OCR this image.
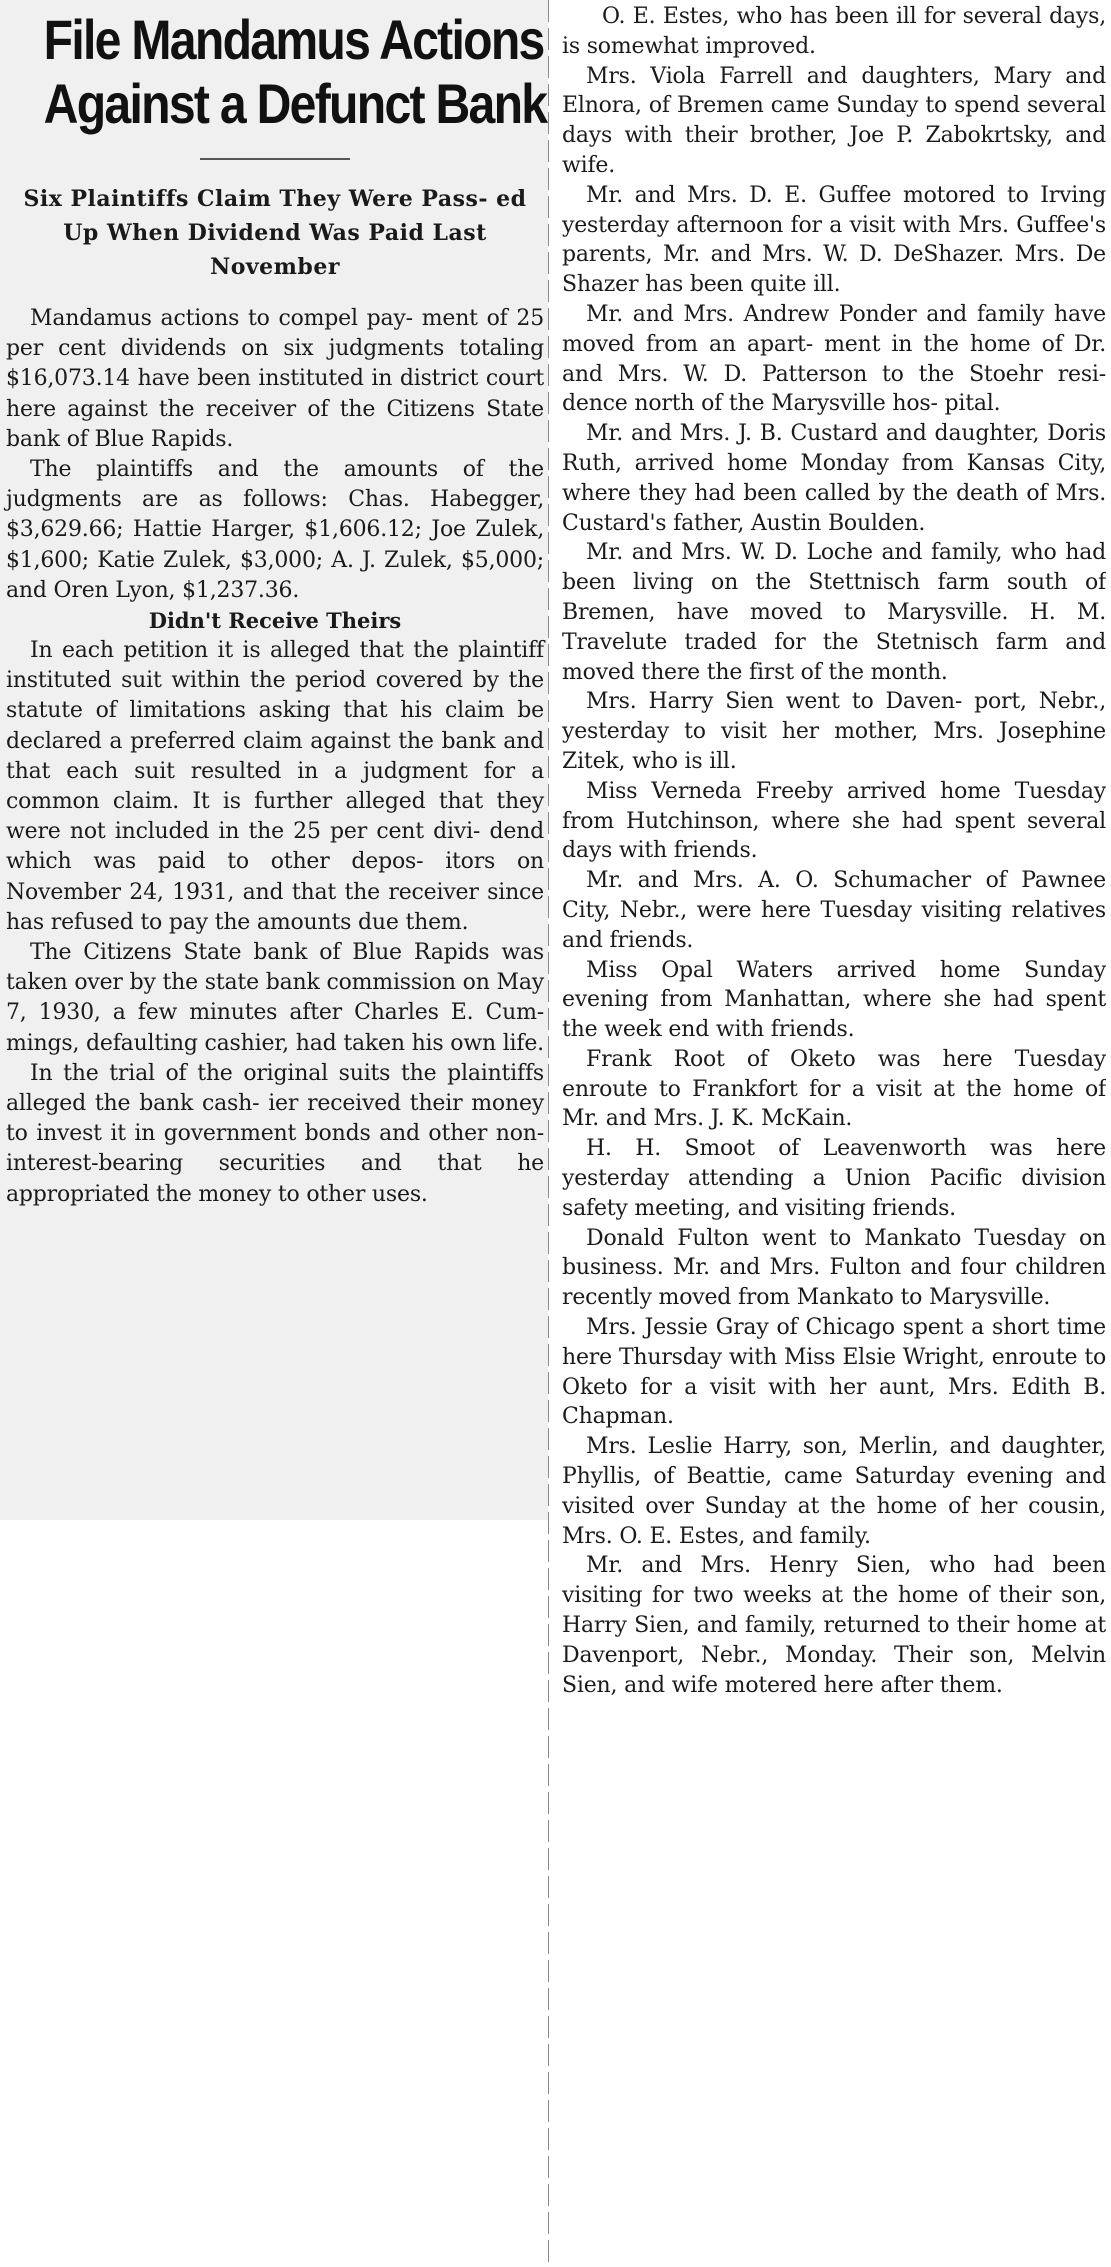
File Mandamus Actions
Against a Defunct Bank
Six Plaintiffs Claim They Were Pass- ed Up When Dividend Was Paid Last November

Mandamus actions to compel pay- ment of 25 per cent dividends on six judgments totaling $16,073.14 have been instituted in district court here against the receiver of the Citizens State bank of Blue Rapids.

The plaintiffs and the amounts of the judgments are as follows: Chas. Habegger, $3,629.66; Hattie Harger, $1,606.12; Joe Zulek, $1,600; Katie Zulek, $3,000; A. J. Zulek, $5,000; and Oren Lyon, $1,237.36.

Didn't Receive Theirs

In each petition it is alleged that the plaintiff instituted suit within the period covered by the statute of limitations asking that his claim be declared a preferred claim against the bank and that each suit resulted in a judgment for a common claim. It is further alleged that they were not included in the 25 per cent divi- dend which was paid to other depos- itors on November 24, 1931, and that the receiver since has refused to pay the amounts due them.

The Citizens State bank of Blue Rapids was taken over by the state bank commission on May 7, 1930, a few minutes after Charles E. Cum- mings, defaulting cashier, had taken his own life.

In the trial of the original suits the plaintiffs alleged the bank cash- ier received their money to invest it in government bonds and other non- interest-bearing securities and that he appropriated the money to other uses.

O. E. Estes, who has been ill for several days, is somewhat improved.

Mrs. Viola Farrell and daughters, Mary and Elnora, of Bremen came Sunday to spend several days with their brother, Joe P. Zabokrtsky, and wife.

Mr. and Mrs. D. E. Guffee motored to Irving yesterday afternoon for a visit with Mrs. Guffee's parents, Mr. and Mrs. W. D. DeShazer. Mrs. De Shazer has been quite ill.

Mr. and Mrs. Andrew Ponder and family have moved from an apart- ment in the home of Dr. and Mrs. W. D. Patterson to the Stoehr resi- dence north of the Marysville hos- pital.

Mr. and Mrs. J. B. Custard and daughter, Doris Ruth, arrived home Monday from Kansas City, where they had been called by the death of Mrs. Custard's father, Austin Boulden.

Mr. and Mrs. W. D. Loche and family, who had been living on the Stettnisch farm south of Bremen, have moved to Marysville. H. M. Travelute traded for the Stetnisch farm and moved there the first of the month.

Mrs. Harry Sien went to Daven- port, Nebr., yesterday to visit her mother, Mrs. Josephine Zitek, who is ill.

Miss Verneda Freeby arrived home Tuesday from Hutchinson, where she had spent several days with friends.

Mr. and Mrs. A. O. Schumacher of Pawnee City, Nebr., were here Tuesday visiting relatives and friends.

Miss Opal Waters arrived home Sunday evening from Manhattan, where she had spent the week end with friends.

Frank Root of Oketo was here Tuesday enroute to Frankfort for a visit at the home of Mr. and Mrs. J. K. McKain.

H. H. Smoot of Leavenworth was here yesterday attending a Union Pacific division safety meeting, and visiting friends.

Donald Fulton went to Mankato Tuesday on business. Mr. and Mrs. Fulton and four children recently moved from Mankato to Marysville.

Mrs. Jessie Gray of Chicago spent a short time here Thursday with Miss Elsie Wright, enroute to Oketo for a visit with her aunt, Mrs. Edith B. Chapman.

Mrs. Leslie Harry, son, Merlin, and daughter, Phyllis, of Beattie, came Saturday evening and visited over Sunday at the home of her cousin, Mrs. O. E. Estes, and family.

Mr. and Mrs. Henry Sien, who had been visiting for two weeks at the home of their son, Harry Sien, and family, returned to their home at Davenport, Nebr., Monday. Their son, Melvin Sien, and wife motered here after them.
